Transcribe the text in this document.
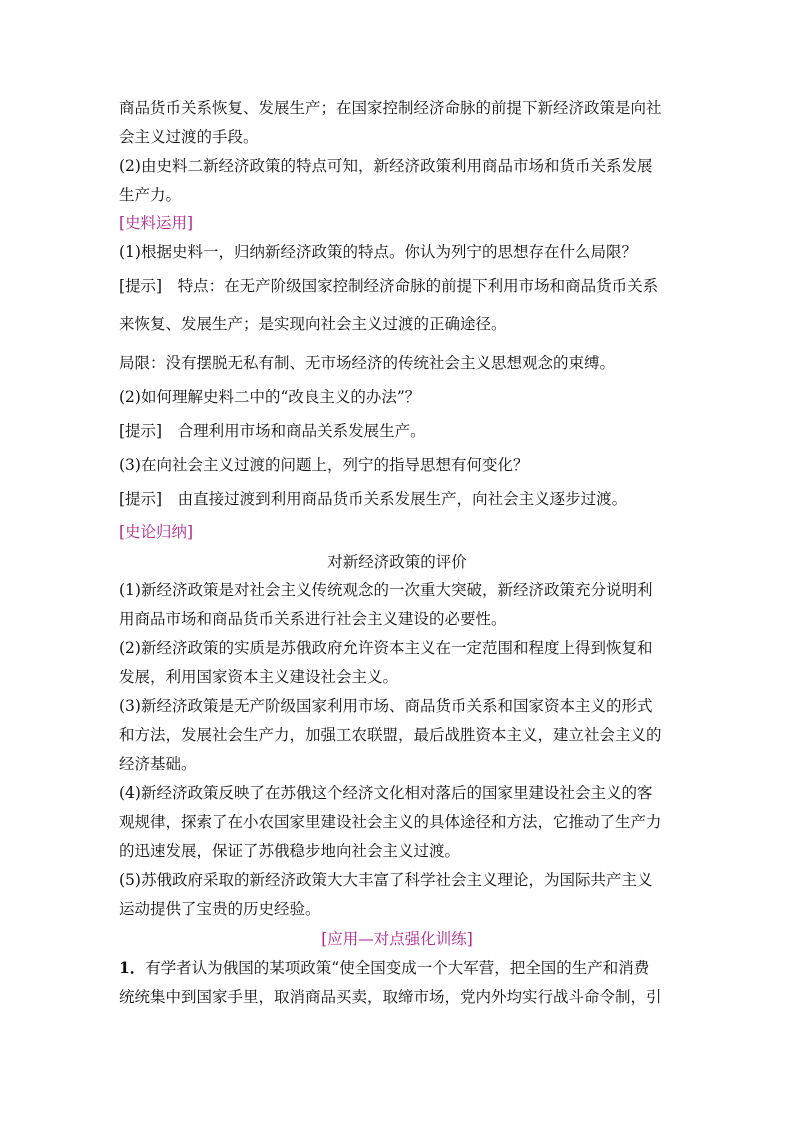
商品货币关系恢复、发展生产；在国家控制经济命脉的前提下新经济政策是向社
会主义过渡的手段。
(2)由史料二新经济政策的特点可知，新经济政策利用商品市场和货币关系发展
生产力。
[史料运用]
(1)根据史料一，归纳新经济政策的特点。你认为列宁的思想存在什么局限？
[提示]　特点：在无产阶级国家控制经济命脉的前提下利用市场和商品货币关系
来恢复、发展生产；是实现向社会主义过渡的正确途径。
局限：没有摆脱无私有制、无市场经济的传统社会主义思想观念的束缚。
(2)如何理解史料二中的“改良主义的办法”？
[提示]　合理利用市场和商品关系发展生产。
(3)在向社会主义过渡的问题上，列宁的指导思想有何变化？
[提示]　由直接过渡到利用商品货币关系发展生产，向社会主义逐步过渡。
[史论归纳]
对新经济政策的评价
(1)新经济政策是对社会主义传统观念的一次重大突破，新经济政策充分说明利
用商品市场和商品货币关系进行社会主义建设的必要性。
(2)新经济政策的实质是苏俄政府允许资本主义在一定范围和程度上得到恢复和
发展，利用国家资本主义建设社会主义。
(3)新经济政策是无产阶级国家利用市场、商品货币关系和国家资本主义的形式
和方法，发展社会生产力，加强工农联盟，最后战胜资本主义，建立社会主义的
经济基础。
(4)新经济政策反映了在苏俄这个经济文化相对落后的国家里建设社会主义的客
观规律，探索了在小农国家里建设社会主义的具体途径和方法，它推动了生产力
的迅速发展，保证了苏俄稳步地向社会主义过渡。
(5)苏俄政府采取的新经济政策大大丰富了科学社会主义理论，为国际共产主义
运动提供了宝贵的历史经验。
[应用—对点强化训练]
1．有学者认为俄国的某项政策“使全国变成一个大军营，把全国的生产和消费
统统集中到国家手里，取消商品买卖，取缔市场，党内外均实行战斗命令制，引
